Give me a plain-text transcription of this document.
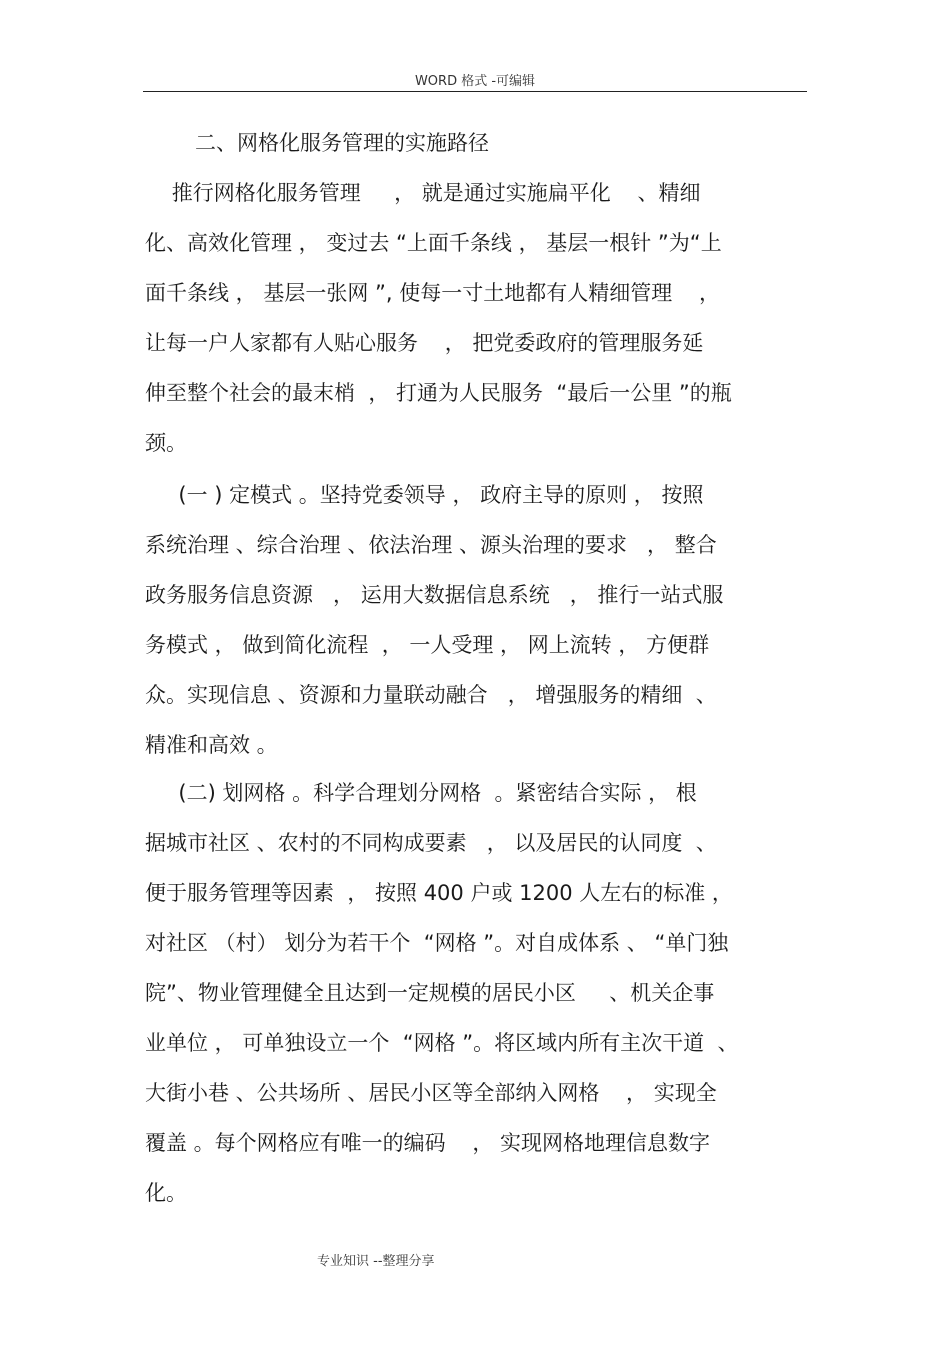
WORD 格式 -可编辑
二、网格化服务管理的实施路径
推行网格化服务管理     ， 就是通过实施扁平化    、精细
化、高效化管理 ， 变过去 “上面千条线 ， 基层一根针 ”为“上
面千条线 ， 基层一张网 ”, 使每一寸土地都有人精细管理    ，
让每一户人家都有人贴心服务    ， 把党委政府的管理服务延
伸至整个社会的最末梢  ， 打通为人民服务  “最后一公里 ”的瓶
颈。
(一 ) 定模式 。坚持党委领导 ， 政府主导的原则 ， 按照
系统治理 、综合治理 、依法治理 、源头治理的要求   ， 整合
政务服务信息资源   ， 运用大数据信息系统   ， 推行一站式服
务模式 ， 做到简化流程  ， 一人受理 ， 网上流转 ， 方便群
众。实现信息 、资源和力量联动融合   ， 增强服务的精细  、
精准和高效 。
(二) 划网格 。科学合理划分网格  。紧密结合实际 ， 根
据城市社区 、农村的不同构成要素   ， 以及居民的认同度  、
便于服务管理等因素  ， 按照 400 户或 1200 人左右的标准 ，
对社区 （村） 划分为若干个  “网格 ”。对自成体系 、 “单门独
院”、物业管理健全且达到一定规模的居民小区     、机关企事
业单位 ， 可单独设立一个  “网格 ”。将区域内所有主次干道  、
大街小巷 、公共场所 、居民小区等全部纳入网格    ， 实现全
覆盖 。每个网格应有唯一的编码    ， 实现网格地理信息数字
化。
专业知识 --整理分享
